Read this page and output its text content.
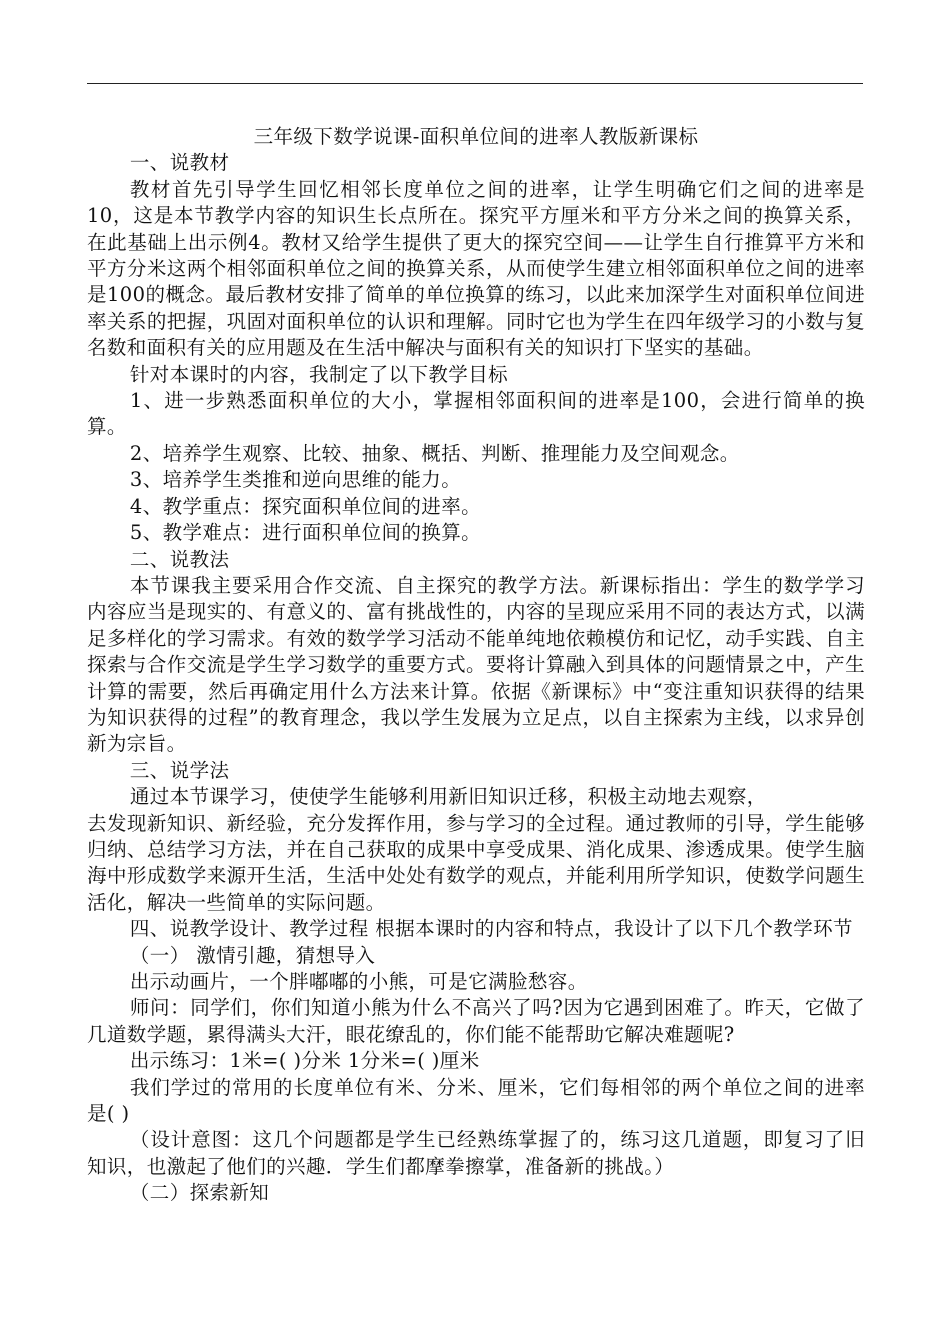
三年级下数学说课-面积单位间的进率人教版新课标

一、说教材

教材首先引导学生回忆相邻长度单位之间的进率，让学生明确它们之间的进率是10，这是本节教学内容的知识生长点所在。探究平方厘米和平方分米之间的换算关系，在此基础上出示例4。教材又给学生提供了更大的探究空间——让学生自行推算平方米和平方分米这两个相邻面积单位之间的换算关系，从而使学生建立相邻面积单位之间的进率是100的概念。最后教材安排了简单的单位换算的练习，以此来加深学生对面积单位间进率关系的把握，巩固对面积单位的认识和理解。同时它也为学生在四年级学习的小数与复名数和面积有关的应用题及在生活中解决与面积有关的知识打下坚实的基础。

针对本课时的内容，我制定了以下教学目标

1、进一步熟悉面积单位的大小，掌握相邻面积间的进率是100，会进行简单的换算。

2、培养学生观察、比较、抽象、概括、判断、推理能力及空间观念。

3、培养学生类推和逆向思维的能力。

4、教学重点：探究面积单位间的进率。

5、教学难点：进行面积单位间的换算。

二、说教法

本节课我主要采用合作交流、自主探究的教学方法。新课标指出：学生的数学学习内容应当是现实的、有意义的、富有挑战性的，内容的呈现应采用不同的表达方式，以满足多样化的学习需求。有效的数学学习活动不能单纯地依赖模仿和记忆，动手实践、自主探索与合作交流是学生学习数学的重要方式。要将计算融入到具体的问题情景之中，产生计算的需要，然后再确定用什么方法来计算。依据《新课标》中“变注重知识获得的结果为知识获得的过程”的教育理念，我以学生发展为立足点，以自主探索为主线，以求异创新为宗旨。

三、说学法

通过本节课学习，使使学生能够利用新旧知识迁移，积极主动地去观察，

去发现新知识、新经验，充分发挥作用，参与学习的全过程。通过教师的引导，学生能够归纳、总结学习方法，并在自己获取的成果中享受成果、消化成果、渗透成果。使学生脑海中形成数学来源开生活，生活中处处有数学的观点，并能利用所学知识，使数学问题生活化，解决一些简单的实际问题。

四、说教学设计、教学过程 根据本课时的内容和特点，我设计了以下几个教学环节

（一） 激情引趣，猜想导入

出示动画片，一个胖嘟嘟的小熊，可是它满脸愁容。

师问：同学们，你们知道小熊为什么不高兴了吗?因为它遇到困难了。昨天，它做了几道数学题，累得满头大汗，眼花缭乱的，你们能不能帮助它解决难题呢?

出示练习：1米=( )分米 1分米=( )厘米

我们学过的常用的长度单位有米、分米、厘米，它们每相邻的两个单位之间的进率是( )

（设计意图：这几个问题都是学生已经熟练掌握了的，练习这几道题，即复习了旧知识，也激起了他们的兴趣．学生们都摩拳擦掌，准备新的挑战。）

（二）探索新知
